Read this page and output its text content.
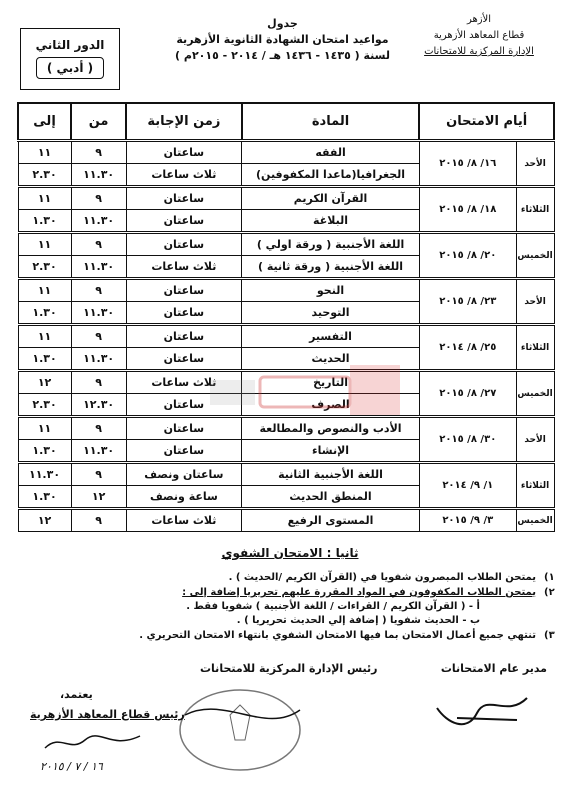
الأزهر
قطاع المعاهد الأزهرية
الإدارة المركزية للامتحانات
جدول
مواعيد امتحان الشهادة الثانوية الأزهرية
لسنة ( ١٤٣٥ - ١٤٣٦ هـ / ٢٠١٤ - ٢٠١٥م )
الدور الثاني
( أدبي )
أيام الامتحان		المادة	زمن الإجابة	من	إلى
الأحد	١٦/ ٨/ ٢٠١٥	الفقه	ساعتان	٩	١١
		الجغرافيا(ماعدا المكفوفين)	ثلاث ساعات	١١.٣٠	٢.٣٠
الثلاثاء	١٨/ ٨/ ٢٠١٥	القرآن الكريم	ساعتان	٩	١١
		البلاغة	ساعتان	١١.٣٠	١.٣٠
الخميس	٢٠/ ٨/ ٢٠١٥	اللغة الأجنبية ( ورقة اولي )	ساعتان	٩	١١
		اللغة الأجنبية ( ورقة ثانية )	ثلاث ساعات	١١.٣٠	٢.٣٠
الأحد	٢٣/ ٨/ ٢٠١٥	النحو	ساعتان	٩	١١
		التوحيد	ساعتان	١١.٣٠	١.٣٠
الثلاثاء	٢٥/ ٨/ ٢٠١٤	التفسير	ساعتان	٩	١١
		الحديث	ساعتان	١١.٣٠	١.٣٠
الخميس	٢٧/ ٨/ ٢٠١٥	التاريخ	ثلاث ساعات	٩	١٢
		الصرف	ساعتان	١٢.٣٠	٢.٣٠
الأحد	٣٠/ ٨/ ٢٠١٥	الأدب والنصوص والمطالعة	ساعتان	٩	١١
		الإنشاء	ساعتان	١١.٣٠	١.٣٠
الثلاثاء	١/ ٩/ ٢٠١٤	اللغة الأجنبية الثانية	ساعتان ونصف	٩	١١.٣٠
		المنطق الحديث	ساعة ونصف	١٢	١.٣٠
الخميس	٣/ ٩/ ٢٠١٥	المستوى الرفيع	ثلاث ساعات	٩	١٢
ثانيا : الامتحان الشفوي
١)
يمتحن الطلاب المبصرون شفويا في (القرآن الكريم /الحديث ) .
٢)
يمتحن الطلاب المكفوفون في المواد المقررة عليهم تحريريا إضافة إلى :
أ - ( القرآن الكريم / القراءات / اللغة الأجنبية ) شفويا فقط .
ب - الحديث شفويا ( إضافة إلي الحديث تحريريا ) .
٣)
تنتهي جميع أعمال الامتحان بما فيها الامتحان الشفوي بانتهاء الامتحان التحريري .
مدير عام الامتحانات
رئيس الإدارة المركزية للامتحانات
يعتمد،
رئيس قطاع المعاهد الأزهرية
١٦ / ٧ / ٢٠١٥
